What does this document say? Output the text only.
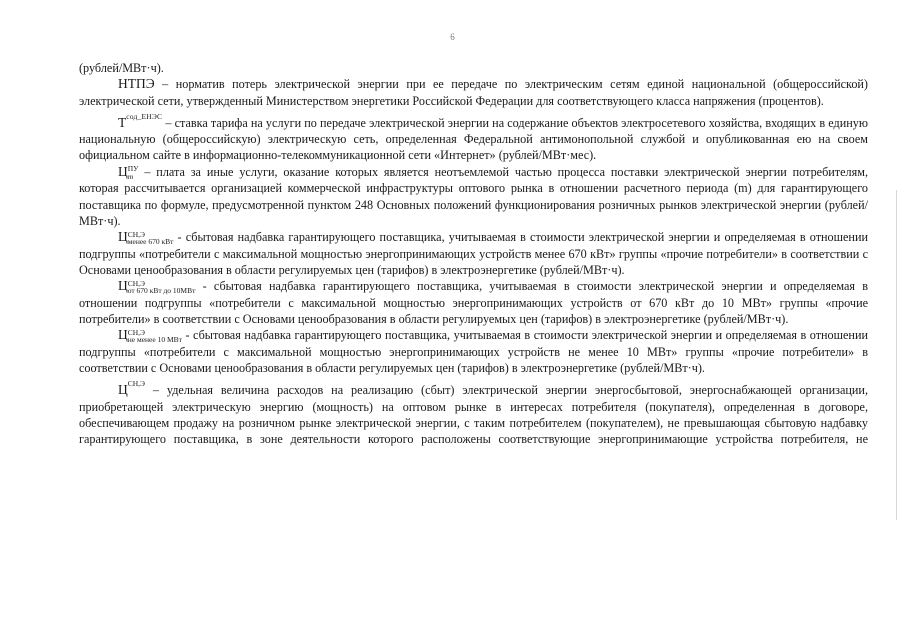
6

(рублей/МВт·ч).

НТПЭ – норматив потерь электрической энергии при ее передаче по электрическим сетям единой национальной (общероссийской) электрической сети, утвержденный Министерством энергетики Российской Федерации для соответствующего класса напряжения (процентов).

$T^{сод\_ЕНЭС}$ – ставка тарифа на услуги по передаче электрической энергии на содержание объектов электросетевого хозяйства, входящих в единую национальную (общероссийскую) электрическую сеть, определенная Федеральной антимонопольной службой и опубликованная ею на своем официальном сайте в информационно-телекоммуникационной сети «Интернет» (рублей/МВт·мес).

Ц ПУ
m – плата за иные услуги, оказание которых является неотъемлемой частью процесса поставки электрической энергии потребителям, которая рассчитывается организацией коммерческой инфраструктуры оптового рынка в отношении расчетного периода (m) для гарантирующего поставщика по формуле, предусмотренной пунктом 248 Основных положений функционирования розничных рынков электрической энергии (рублей/МВт·ч).

Ц СН,Э
менее 670 кВт - сбытовая надбавка гарантирующего поставщика, учитываемая в стоимости электрической энергии и определяемая в отношении подгруппы «потребители с максимальной мощностью энергопринимающих устройств менее 670 кВт» группы «прочие потребители» в соответствии с Основами ценообразования в области регулируемых цен (тарифов) в электроэнергетике (рублей/МВт·ч).

Ц СН,Э
от 670 кВт до 10МВт - сбытовая надбавка гарантирующего поставщика, учитываемая в стоимости электрической энергии и определяемая в отношении подгруппы «потребители с максимальной мощностью энергопринимающих устройств от 670 кВт до 10 МВт» группы «прочие потребители» в соответствии с Основами ценообразования в области регулируемых цен (тарифов) в электроэнергетике (рублей/МВт·ч).

Ц СН,Э
не менее 10 МВт - сбытовая надбавка гарантирующего поставщика, учитываемая в стоимости электрической энергии и определяемая в отношении подгруппы «потребители с максимальной мощностью энергопринимающих устройств не менее 10 МВт» группы «прочие потребители» в соответствии с Основами ценообразования в области регулируемых цен (тарифов) в электроэнергетике (рублей/МВт·ч).

$Ц^{СН,Э}$ – удельная величина расходов на реализацию (сбыт) электрической энергии энергосбытовой, энергоснабжающей организации, приобретающей электрическую энергию (мощность) на оптовом рынке в интересах потребителя (покупателя), определенная в договоре, обеспечивающем продажу на розничном рынке электрической энергии, с таким потребителем (покупателем), не превышающая сбытовую надбавку гарантирующего поставщика, в зоне деятельности которого расположены соответствующие энергопринимающие устройства потребителя, не
